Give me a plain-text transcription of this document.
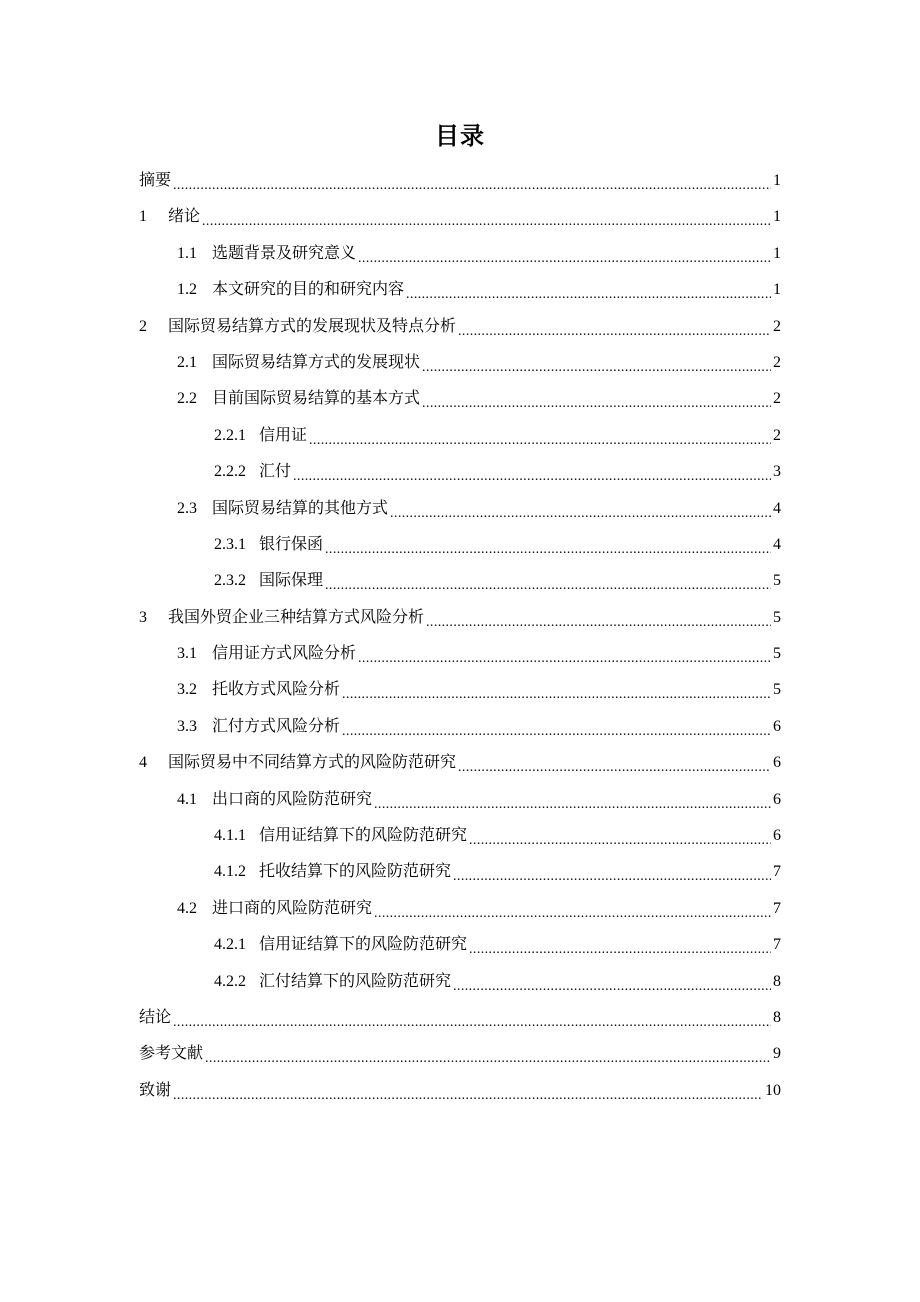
目录
摘要 .....	1
1	绪论 .....	1
1.1 选题背景及研究意义 .....	1
1.2 本文研究的目的和研究内容 .....	1
2	国际贸易结算方式的发展现状及特点分析 .....	2
2.1 国际贸易结算方式的发展现状 .....	2
2.2 目前国际贸易结算的基本方式 .....	2
2.2.1 信用证 .....	2
2.2.2 汇付 .....	3
2.3 国际贸易结算的其他方式 .....	4
2.3.1 银行保函 .....	4
2.3.2 国际保理 .....	5
3	我国外贸企业三种结算方式风险分析 .....	5
3.1 信用证方式风险分析 .....	5
3.2 托收方式风险分析 .....	5
3.3 汇付方式风险分析 .....	6
4	国际贸易中不同结算方式的风险防范研究 .....	6
4.1 出口商的风险防范研究 .....	6
4.1.1 信用证结算下的风险防范研究 .....	6
4.1.2 托收结算下的风险防范研究 .....	7
4.2 进口商的风险防范研究 .....	7
4.2.1 信用证结算下的风险防范研究 .....	7
4.2.2 汇付结算下的风险防范研究 .....	8
结论 .....	8
参考文献 .....	9
致谢 .....	10
